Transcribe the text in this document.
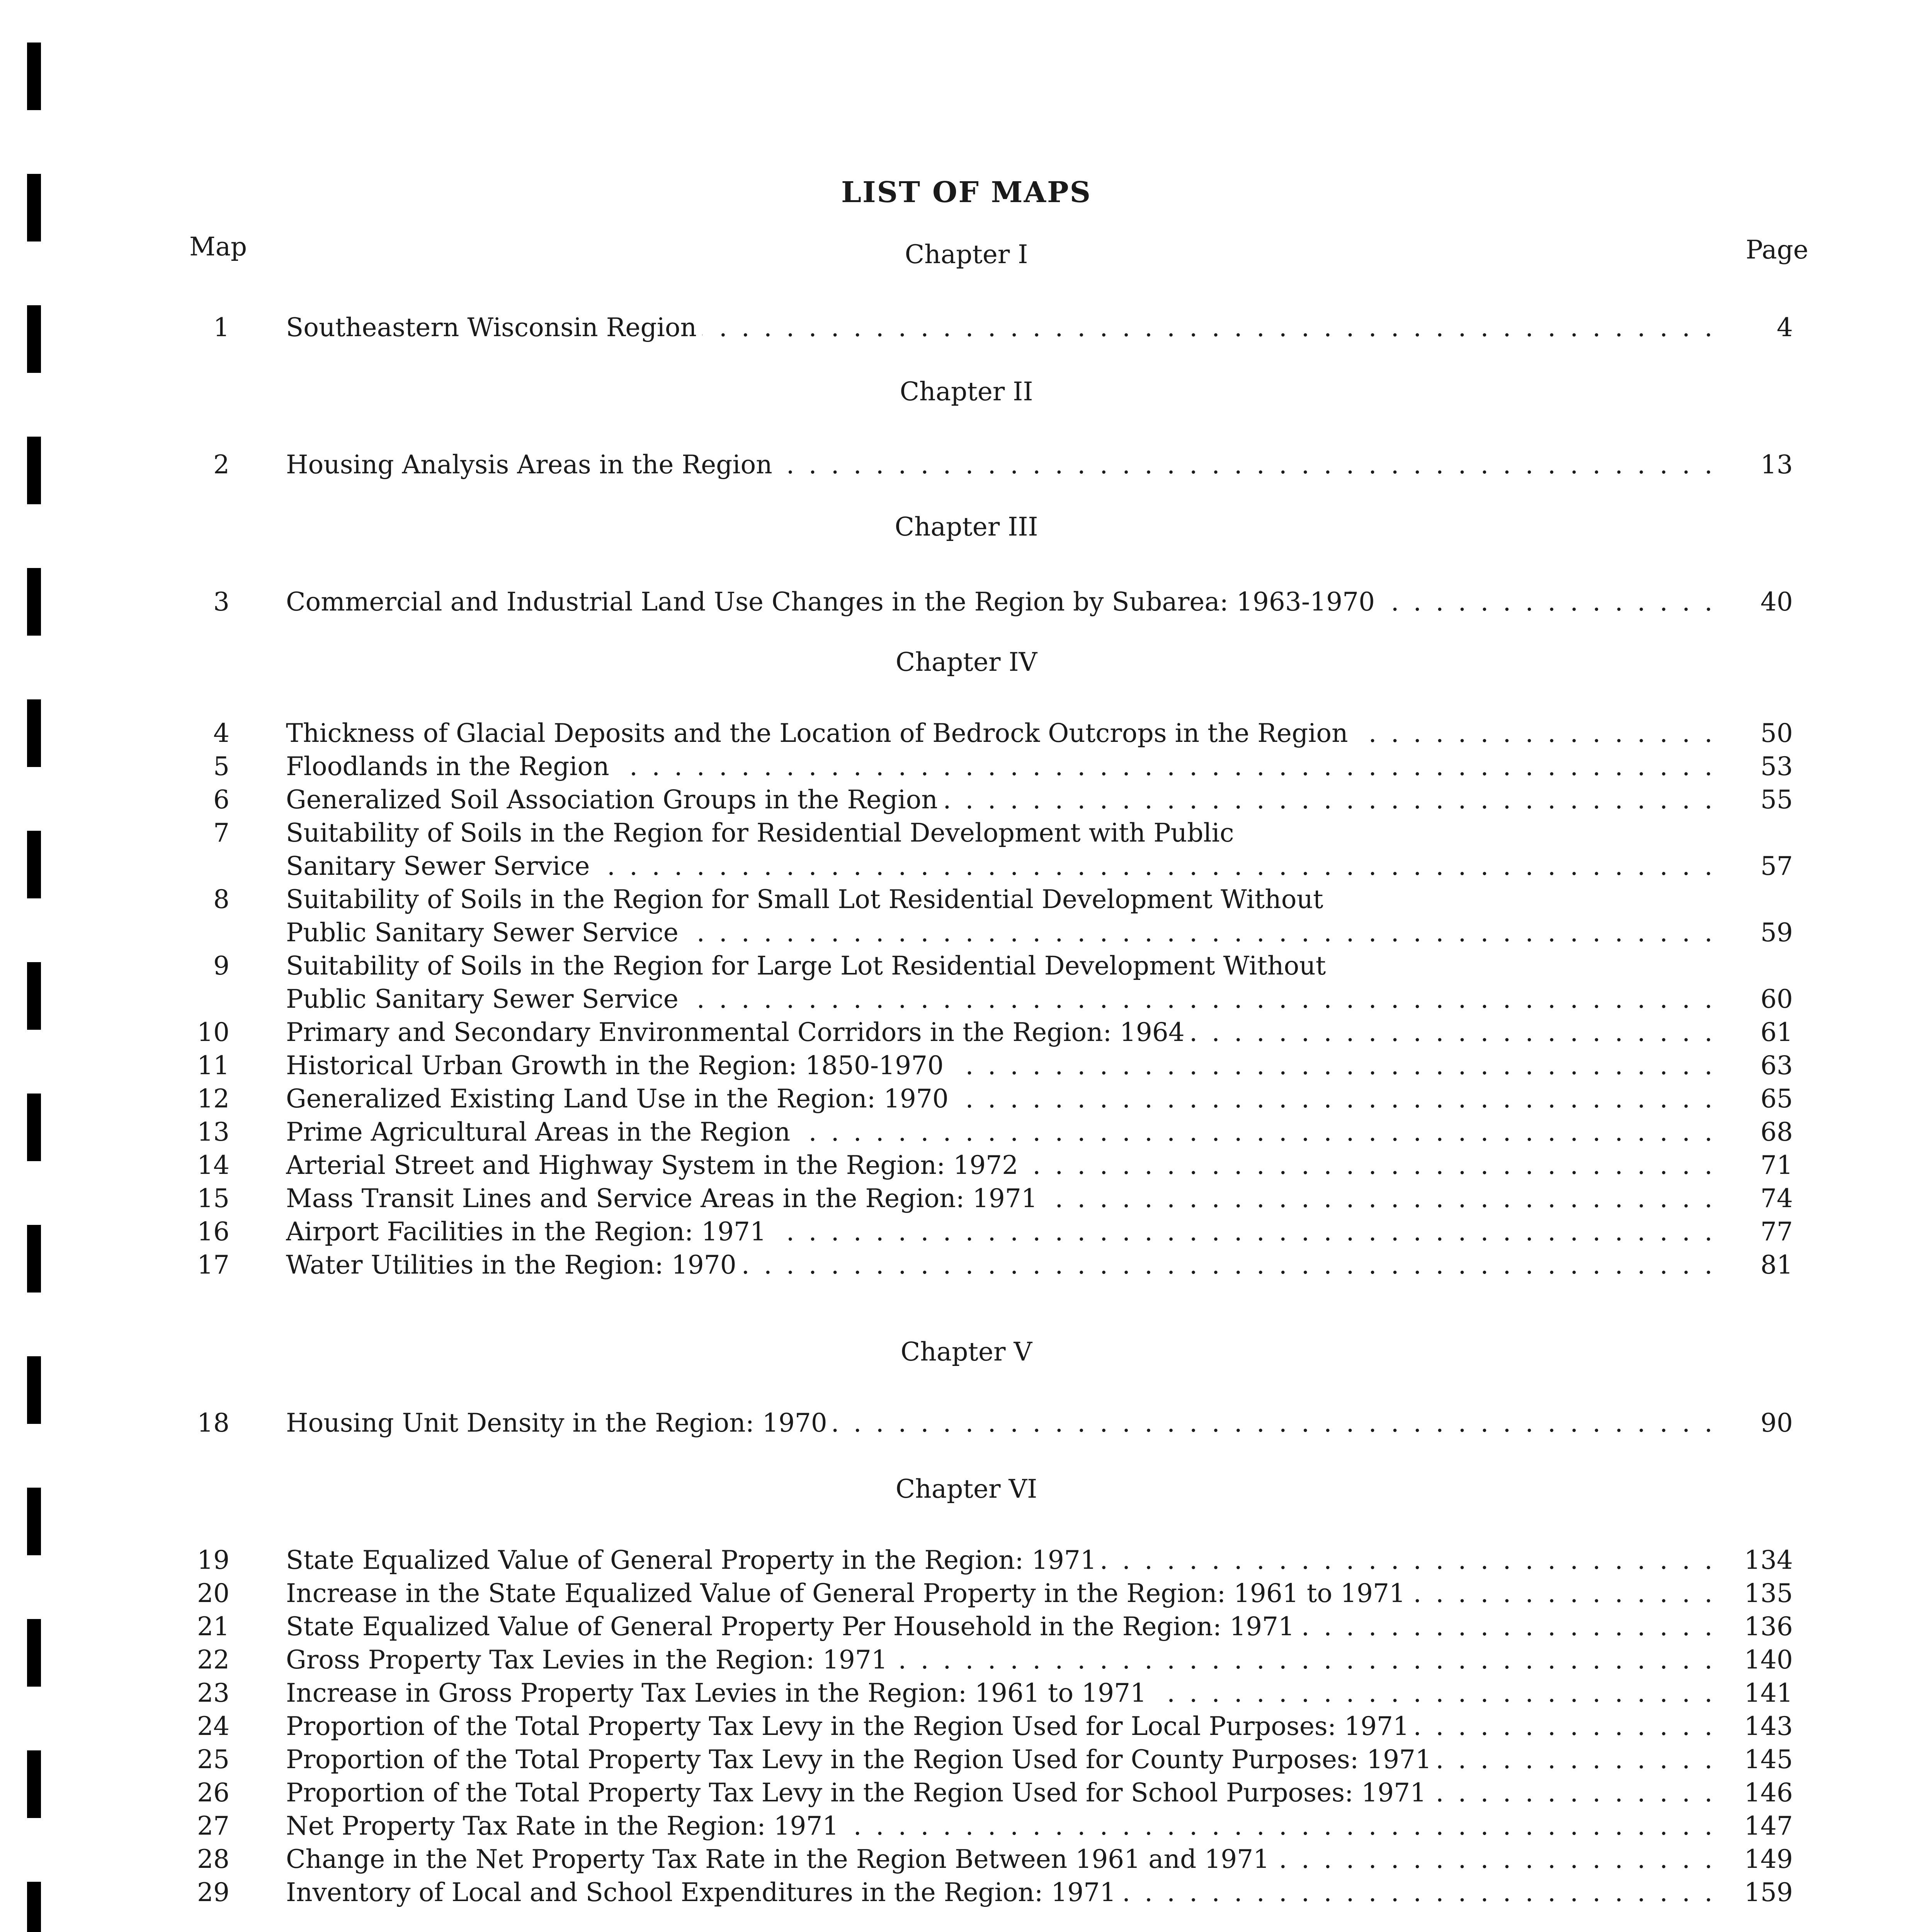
LIST OF MAPS
Map	Page
Chapter I
1 Southeastern Wisconsin Region . . .	4
Chapter II
2 Housing Analysis Areas in the Region . . .	13
Chapter III
3 Commercial and Industrial Land Use Changes in the Region by Subarea: 1963-1970 . . .	40
Chapter IV
4 Thickness of Glacial Deposits and the Location of Bedrock Outcrops in the Region . . .	50
5 Floodlands in the Region . . .	53
6 Generalized Soil Association Groups in the Region . . .	55
7 Suitability of Soils in the Region for Residential Development with Public
Sanitary Sewer Service . . .	57
8 Suitability of Soils in the Region for Small Lot Residential Development Without
Public Sanitary Sewer Service . . .	59
9 Suitability of Soils in the Region for Large Lot Residential Development Without
Public Sanitary Sewer Service . . .	60
10 Primary and Secondary Environmental Corridors in the Region: 1964 . . .	61
11 Historical Urban Growth in the Region: 1850-1970 . . .	63
12 Generalized Existing Land Use in the Region: 1970 . . .	65
13 Prime Agricultural Areas in the Region . . .	68
14 Arterial Street and Highway System in the Region: 1972 . . .	71
15 Mass Transit Lines and Service Areas in the Region: 1971 . . .	74
16 Airport Facilities in the Region: 1971 . . .	77
17 Water Utilities in the Region: 1970 . . .	81
Chapter V
18 Housing Unit Density in the Region: 1970 . . .	90
Chapter VI
19 State Equalized Value of General Property in the Region: 1971 . . .	134
20 Increase in the State Equalized Value of General Property in the Region: 1961 to 1971 . . .	135
21 State Equalized Value of General Property Per Household in the Region: 1971 . . .	136
22 Gross Property Tax Levies in the Region: 1971 . . .	140
23 Increase in Gross Property Tax Levies in the Region: 1961 to 1971 . . .	141
24 Proportion of the Total Property Tax Levy in the Region Used for Local Purposes: 1971 . . .	143
25 Proportion of the Total Property Tax Levy in the Region Used for County Purposes: 1971 . . .	145
26 Proportion of the Total Property Tax Levy in the Region Used for School Purposes: 1971 . . .	146
27 Net Property Tax Rate in the Region: 1971 . . .	147
28 Change in the Net Property Tax Rate in the Region Between 1961 and 1971 . . .	149
29 Inventory of Local and School Expenditures in the Region: 1971 . . .	159
